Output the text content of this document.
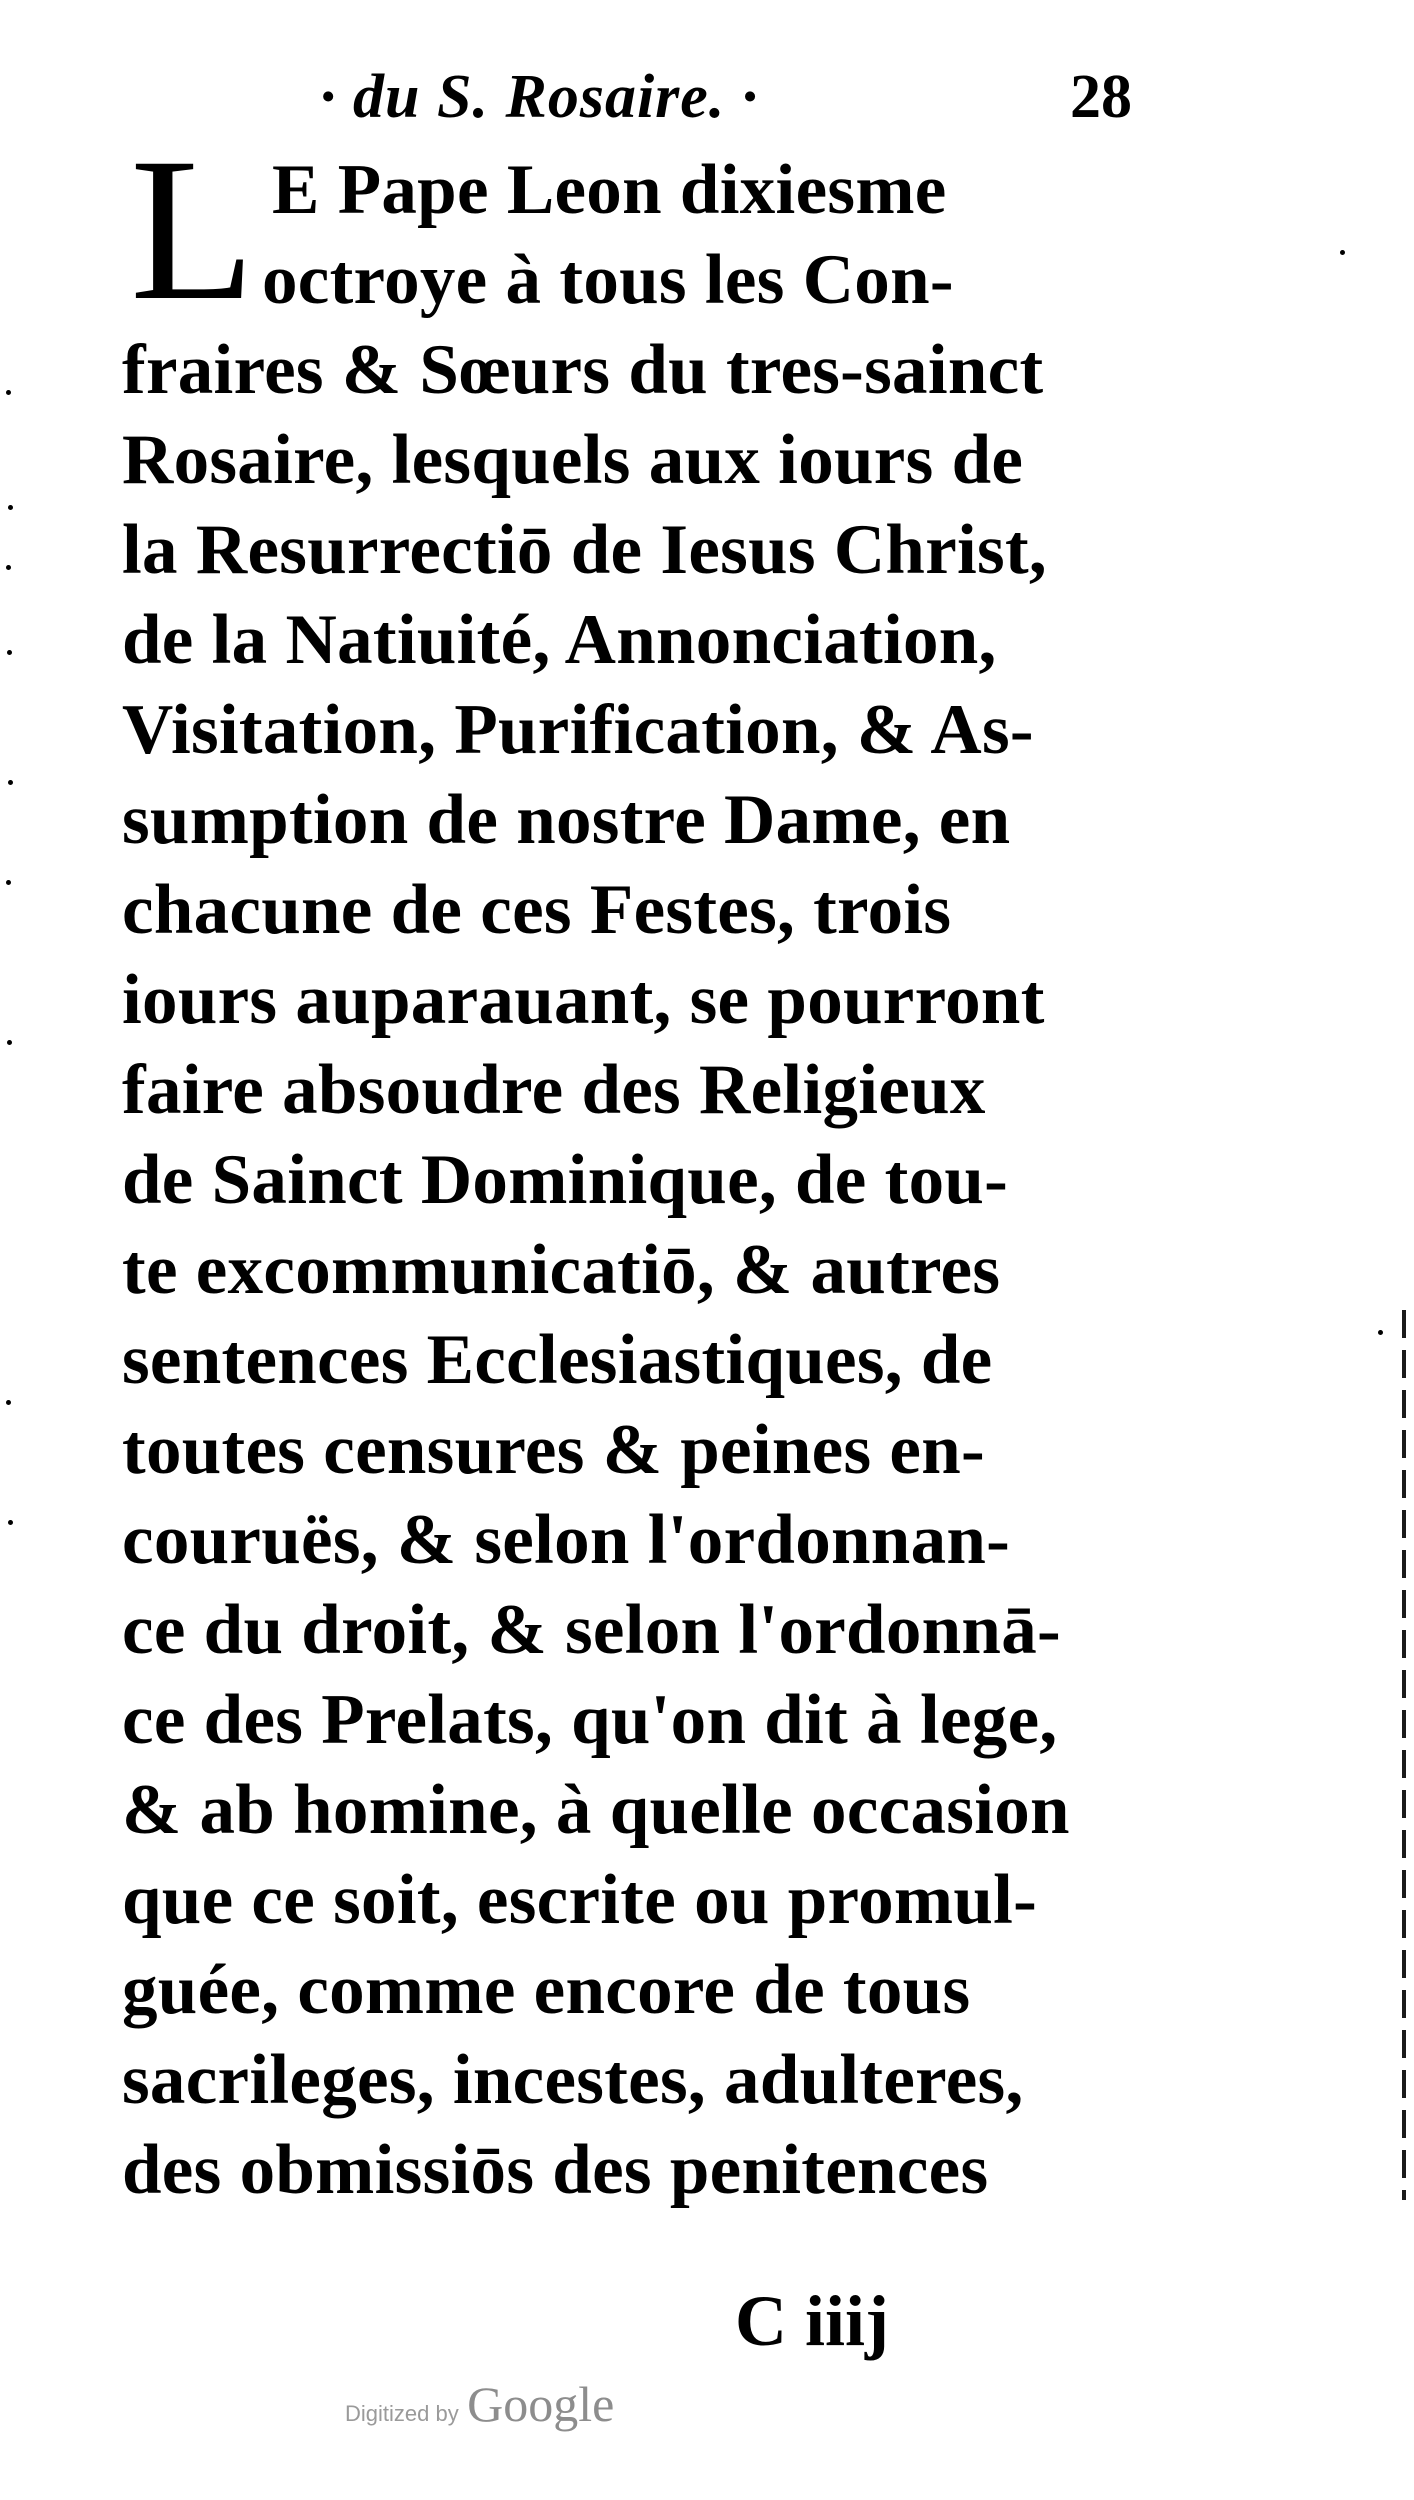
· du S. Rosaire. ·	28
L E Pape Leon dixiesme
octroye à tous les Con-
fraires & Sœurs du tres-sainct
Rosaire, lesquels aux iours de
la Resurrectiō de Iesus Christ,
de la Natiuité, Annonciation,
Visitation, Purification, & As-
sumption de nostre Dame, en
chacune de ces Festes, trois
iours auparauant, se pourront
faire absoudre des Religieux
de Sainct Dominique, de tou-
te excommunicatiō, & autres
sentences Ecclesiastiques, de
toutes censures & peines en-
couruës, & selon l'ordonnan-
ce du droit, & selon l'ordonnā-
ce des Prelats, qu'on dit à lege,
& ab homine, à quelle occasion
que ce soit, escrite ou promul-
guée, comme encore de tous
sacrileges, incestes, adulteres,
des obmissiōs des penitences
C iiij
Digitized by Google
